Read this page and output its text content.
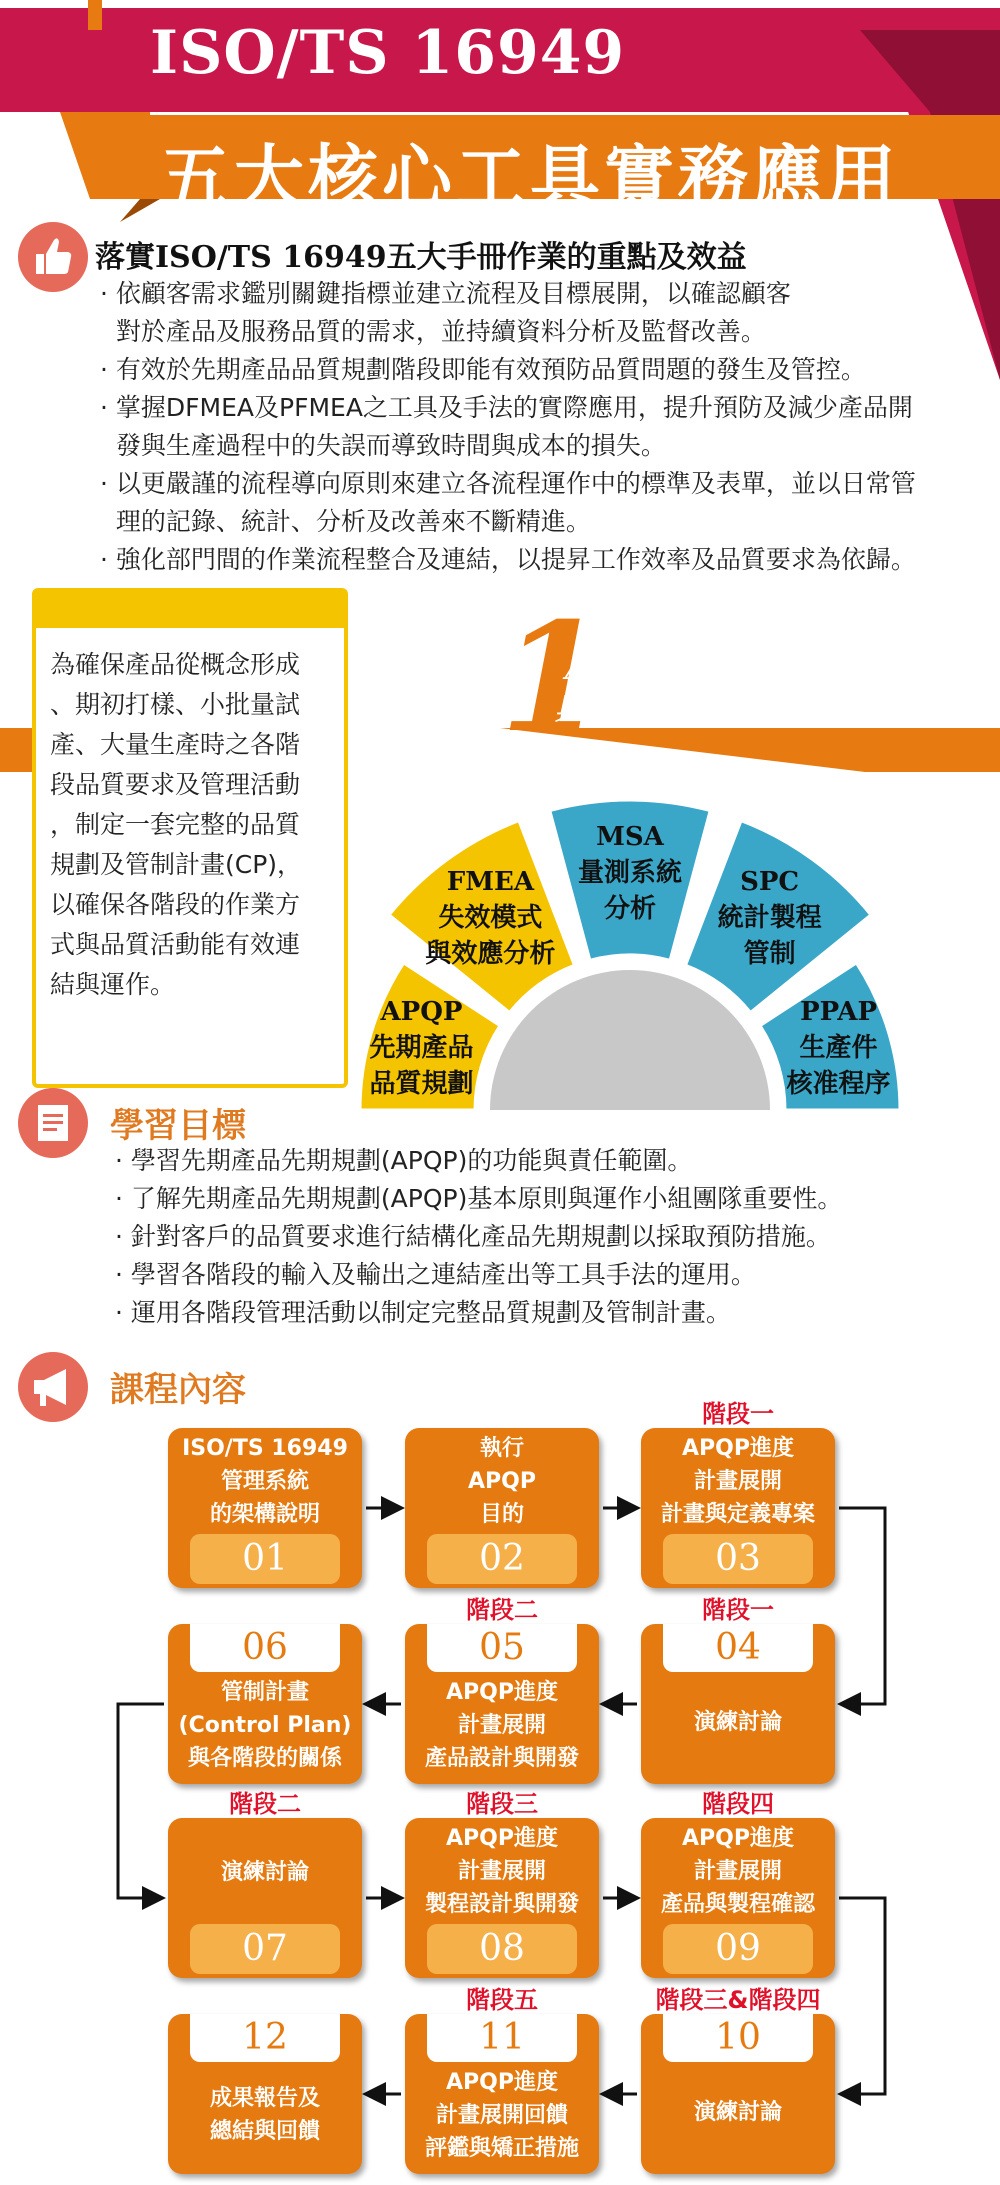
ISO/TS 16949
五大核心工具實務應用
落實ISO/TS 16949五大手冊作業的重點及效益
· 依顧客需求鑑別關鍵指標並建立流程及目標展開，以確認顧客
對於產品及服務品質的需求，並持續資料分析及監督改善。
· 有效於先期產品品質規劃階段即能有效預防品質問題的發生及管控。
· 掌握DFMEA及PFMEA之工具及手法的實際應用，提升預防及減少產品開
發與生產過程中的失誤而導致時間與成本的損失。
· 以更嚴謹的流程導向原則來建立各流程運作中的標準及表單，並以日常管
理的記錄、統計、分析及改善來不斷精進。
· 強化部門間的作業流程整合及連結，以提昇工作效率及品質要求為依歸。
為確保產品從概念形成
、期初打樣、小批量試
產、大量生產時之各階
段品質要求及管理活動
，制定一套完整的品質
規劃及管制計畫(CP)，
以確保各階段的作業方
式與品質活動能有效連
結與運作。
1
APQP先期產品品質規劃
與Control Plan之實務應用
APQP
先期產品
品質規劃
FMEA
失效模式
與效應分析
MSA
量測系統
分析
SPC
統計製程
管制
PPAP
生產件
核准程序
學習目標
· 學習先期產品先期規劃(APQP)的功能與責任範圍。
· 了解先期產品先期規劃(APQP)基本原則與運作小組團隊重要性。
· 針對客戶的品質要求進行結構化產品先期規劃以採取預防措施。
· 學習各階段的輸入及輸出之連結產出等工具手法的運用。
· 運用各階段管理活動以制定完整品質規劃及管制計畫。
課程內容
ISO/TS 16949
管理系統
的架構說明
01
執行
APQP
目的
02
APQP進度
計畫展開
計畫與定義專案
03
階段一
04
演練討論
階段一
05
APQP進度
計畫展開
產品設計與開發
階段二
06
管制計畫
(Control Plan)
與各階段的關係
演練討論
07
階段二
APQP進度
計畫展開
製程設計與開發
08
階段三
APQP進度
計畫展開
產品與製程確認
09
階段四
10
演練討論
階段三&階段四
11
APQP進度
計畫展開回饋
評鑑與矯正措施
階段五
12
成果報告及
總結與回饋
